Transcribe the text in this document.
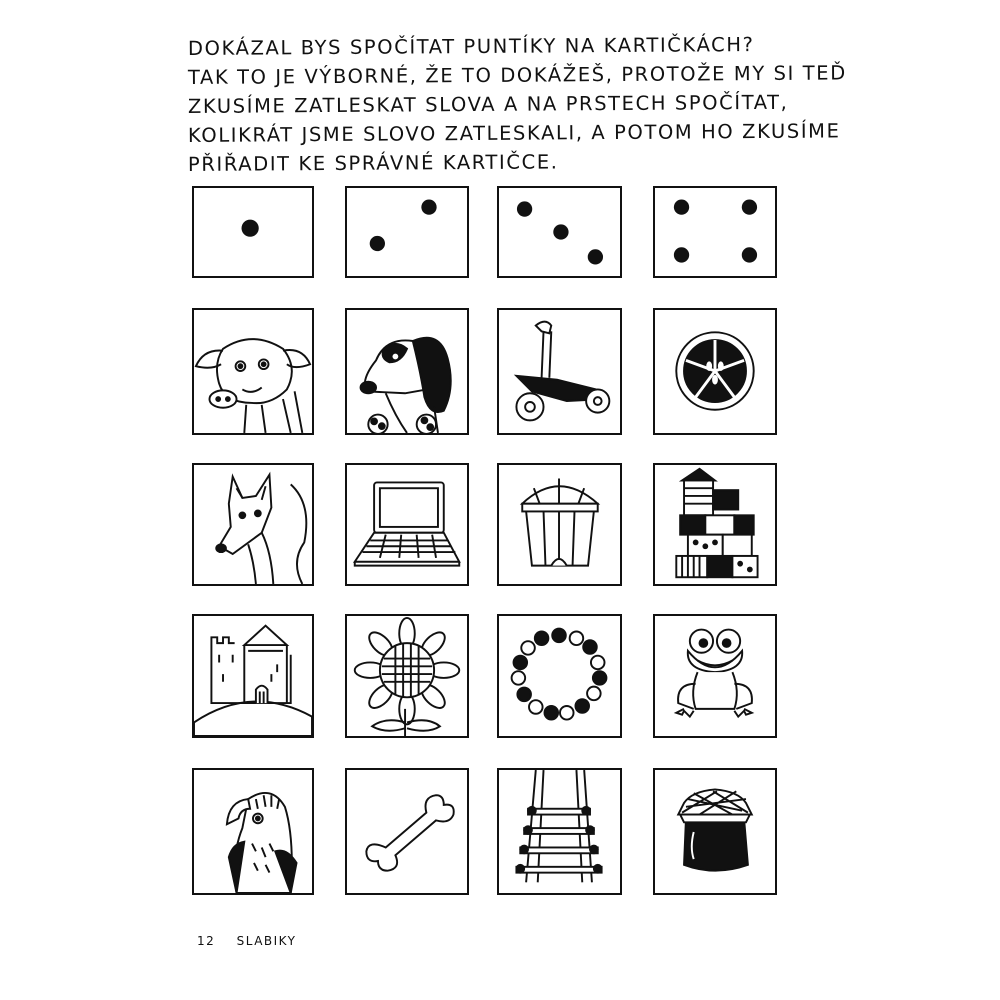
DOKÁZAL BYS SPOČÍTAT PUNTÍKY NA KARTIČKÁCH?
TAK TO JE VÝBORNÉ, ŽE TO DOKÁŽEŠ, PROTOŽE MY SI TEĎ
ZKUSÍME ZATLESKAT SLOVA A NA PRSTECH SPOČÍTAT,
KOLIKRÁT JSME SLOVO ZATLESKALI, A POTOM HO ZKUSÍME
PŘIŘADIT KE SPRÁVNÉ KARTIČCE.
12 SLABIKY
